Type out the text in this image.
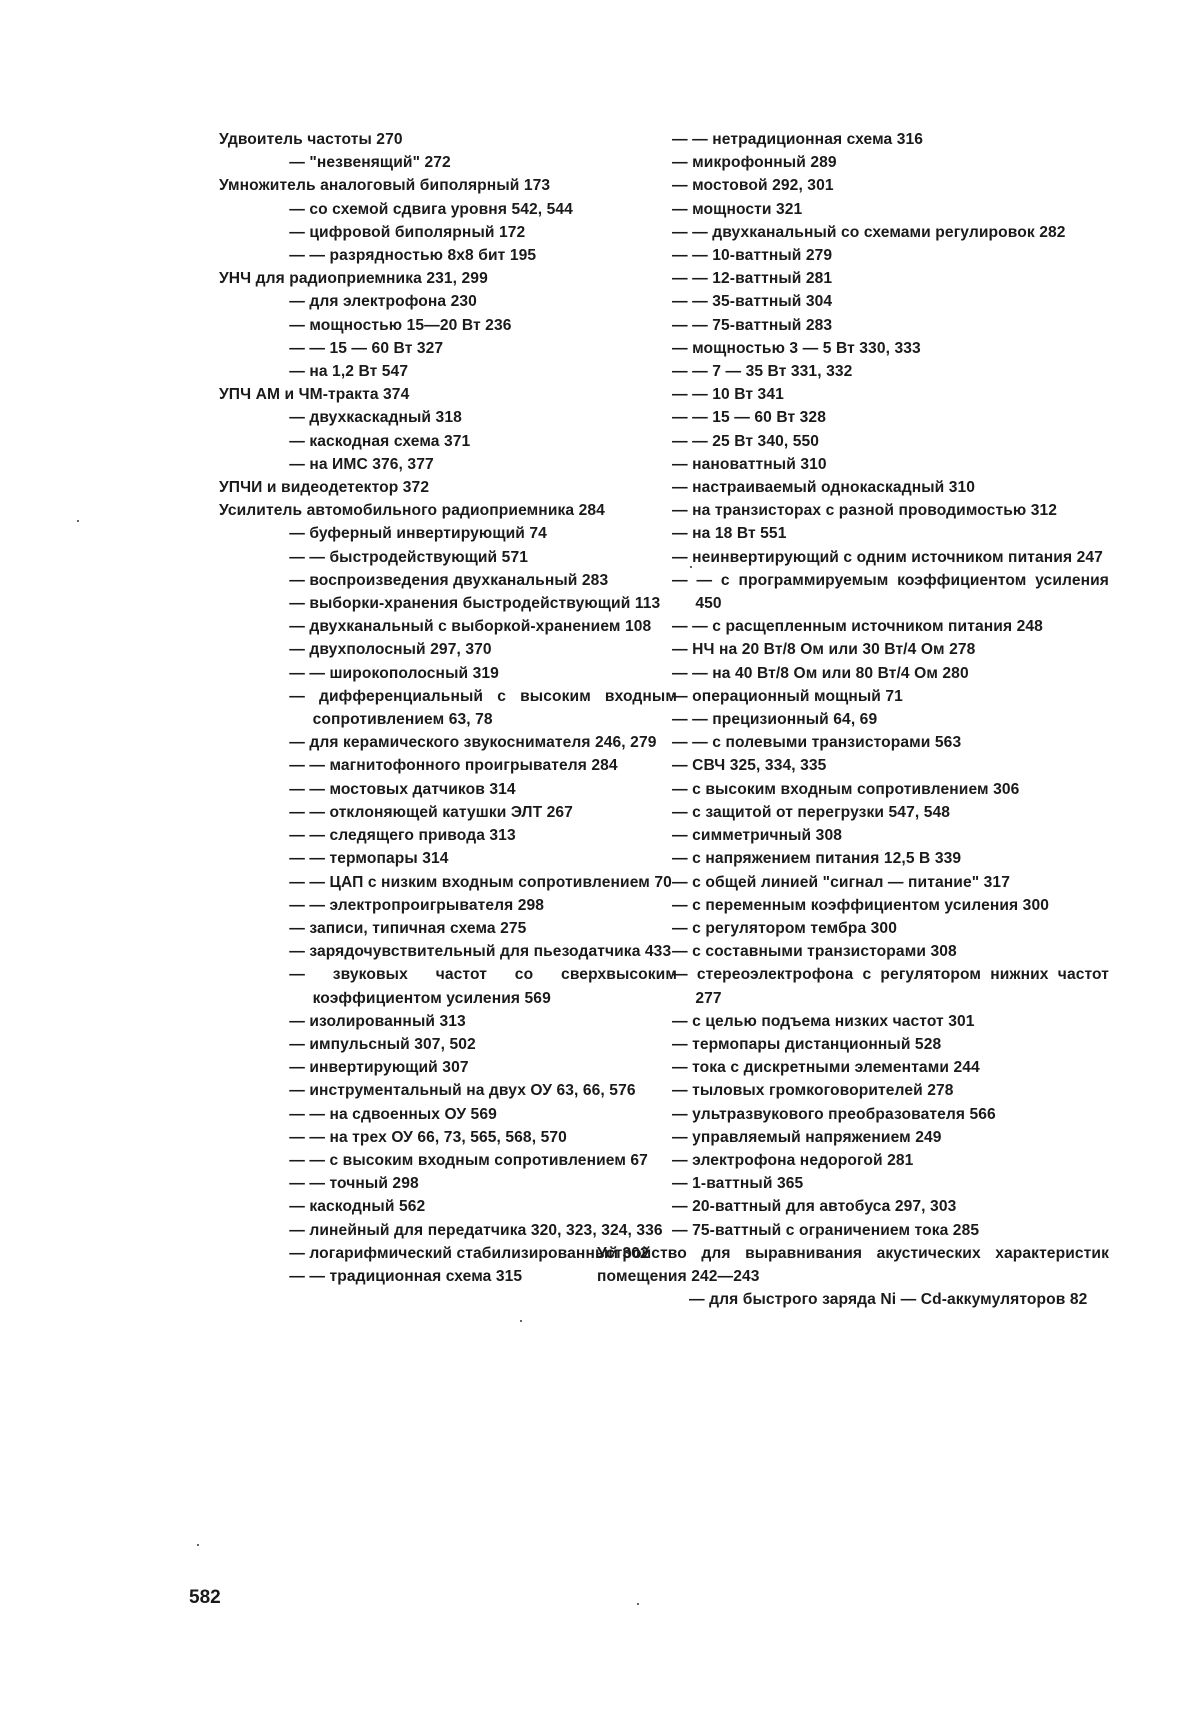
Удвоитель частоты 270
— "незвенящий" 272
Умножитель аналоговый биполярный 173
— со схемой сдвига уровня 542, 544
— цифровой биполярный 172
— — разрядностью 8x8 бит 195
УНЧ для радиоприемника 231, 299
— для электрофона 230
— мощностью 15—20 Вт 236
— — 15 — 60 Вт 327
— на 1,2 Вт 547
УПЧ АМ и ЧМ-тракта 374
— двухкаскадный 318
— каскодная схема 371
— на ИМС 376, 377
УПЧИ и видеодетектор 372
Усилитель автомобильного радиоприемника 284
— буферный инвертирующий 74
— — быстродействующий 571
— воспроизведения двухканальный 283
— выборки-хранения быстродействующий 113
— двухканальный с выборкой-хранением 108
— двухполосный 297, 370
— — широкополосный 319
— дифференциальный с высоким входным сопротивлением 63, 78
— для керамического звукоснимателя 246, 279
— — магнитофонного проигрывателя 284
— — мостовых датчиков 314
— — отклоняющей катушки ЭЛТ 267
— — следящего привода 313
— — термопары 314
— — ЦАП с низким входным сопротивлением 70
— — электропроигрывателя 298
— записи, типичная схема 275
— зарядочувствительный для пьезодатчика 433
— звуковых частот со сверхвысоким коэффициентом усиления 569
— изолированный 313
— импульсный 307, 502
— инвертирующий 307
— инструментальный на двух ОУ 63, 66, 576
— — на сдвоенных ОУ 569
— — на трех ОУ 66, 73, 565, 568, 570
— — с высоким входным сопротивлением 67
— — точный 298
— каскодный 562
— линейный для передатчика 320, 323, 324, 336
— логарифмический стабилизированный 302
— — традиционная схема 315
— — нетрадиционная схема 316
— микрофонный 289
— мостовой 292, 301
— мощности 321
— — двухканальный со схемами регулировок 282
— — 10-ваттный 279
— — 12-ваттный 281
— — 35-ваттный 304
— — 75-ваттный 283
— мощностью 3 — 5 Вт 330, 333
— — 7 — 35 Вт 331, 332
— — 10 Вт 341
— — 15 — 60 Вт 328
— — 25 Вт 340, 550
— нановаттный 310
— настраиваемый однокаскадный 310
— на транзисторах с разной проводимостью 312
— на 18 Вт 551
— неинвертирующий с одним источником питания 247
— — с программируемым коэффициентом усиления 450
— — с расщепленным источником питания 248
— НЧ на 20 Вт/8 Ом или 30 Вт/4 Ом 278
— — на 40 Вт/8 Ом или 80 Вт/4 Ом 280
— операционный мощный 71
— — прецизионный 64, 69
— — с полевыми транзисторами 563
— СВЧ 325, 334, 335
— с высоким входным сопротивлением 306
— с защитой от перегрузки 547, 548
— симметричный 308
— с напряжением питания 12,5 В 339
— с общей линией "сигнал — питание" 317
— с переменным коэффициентом усиления 300
— с регулятором тембра 300
— с составными транзисторами 308
— стереоэлектрофона с регулятором нижних частот 277
— с целью подъема низких частот 301
— термопары дистанционный 528
— тока с дискретными элементами 244
— тыловых громкоговорителей 278
— ультразвукового преобразователя 566
— управляемый напряжением 249
— электрофона недорогой 281
— 1-ваттный 365
— 20-ваттный для автобуса 297, 303
— 75-ваттный с ограничением тока 285
Устройство для выравнивания акустических характеристик помещения 242—243
— для быстрого заряда Ni — Cd-аккумуляторов 82
582
